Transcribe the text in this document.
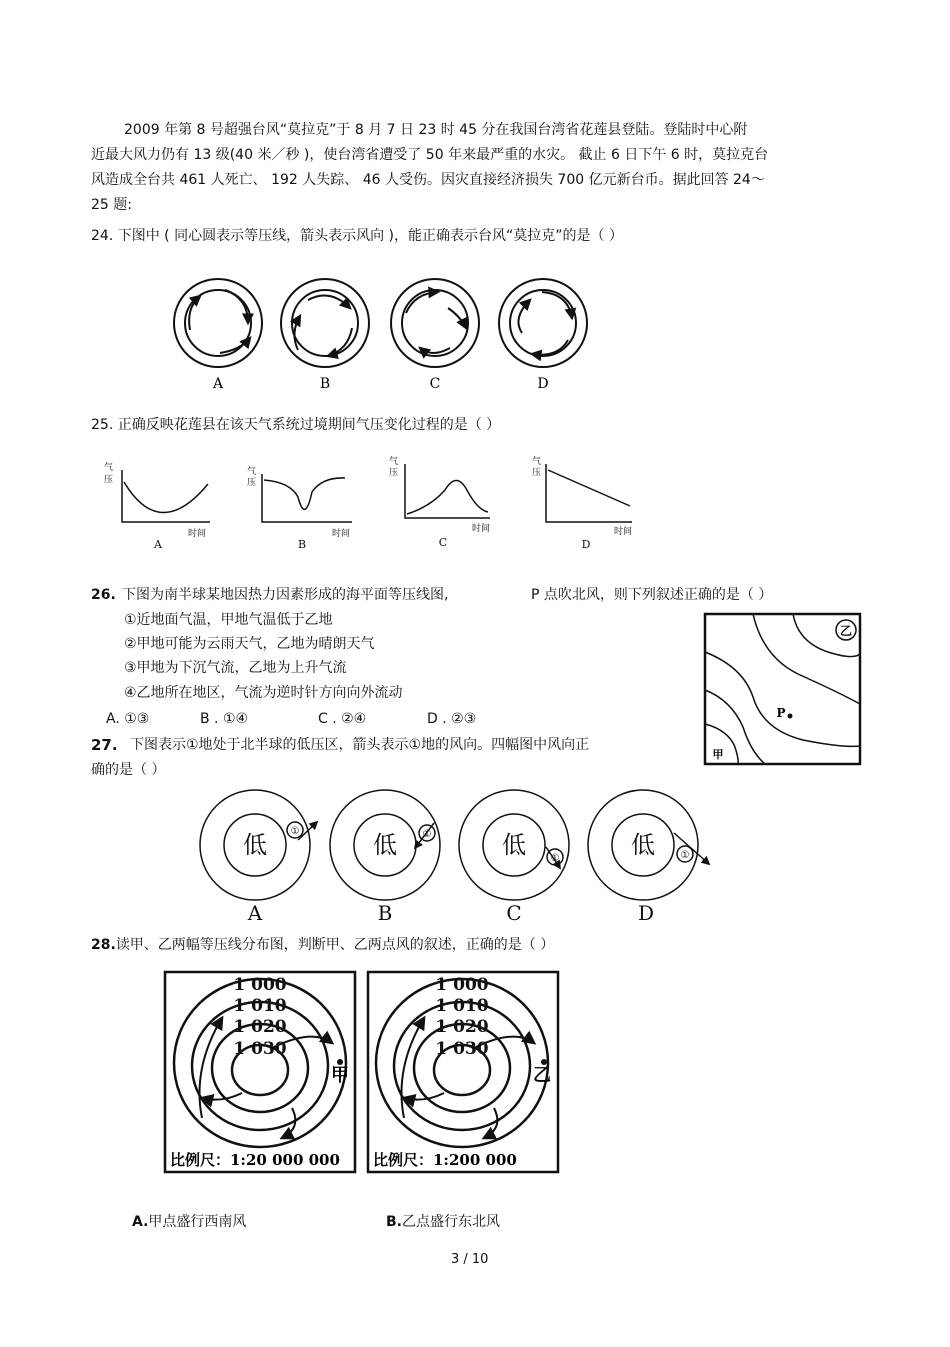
2009 年第 8 号超强台风“莫拉克”于 8 月 7 日 23 时 45 分在我国台湾省花莲县登陆。登陆时中心附
近最大风力仍有 13 级(40 米／秒 )，使台湾省遭受了 50 年来最严重的水灾。 截止 6 日下午 6 时，莫拉克台
风造成全台共 461 人死亡、 192 人失踪、 46 人受伤。因灾直接经济损失 700 亿元新台币。据此回答 24～
25 题:
24. 下图中 ( 同心圆表示等压线，箭头表示风向 )，能正确表示台风“莫拉克”的是（ ）
A	B	C	D
25. 正确反映花莲县在该天气系统过境期间气压变化过程的是（ ）
气
压
时间
气
压
时间
气
压
时间
气
压
时间
A	B	C	D
26. 下图为南半球某地因热力因素形成的海平面等压线图,	P 点吹北风，则下列叙述正确的是（ ）
①近地面气温，甲地气温低于乙地
②甲地可能为云雨天气，乙地为晴朗天气
③甲地为下沉气流，乙地为上升气流
④乙地所在地区，气流为逆时针方向向外流动
A. ①③	B . ①④	C . ②④	D . ②③
乙
P
甲
27. 下图表示①地处于北半球的低压区，箭头表示①地的风向。四幅图中风向正
确的是（ ）
低	低	低	低
①	①
①	①
A	B	C	D
28.读甲、乙两幅等压线分布图，判断甲、乙两点风的叙述，正确的是（ ）
甲
1 000
1 010
1 020
1 030
比例尺：1:20 000 000
乙
1 000
1 010
1 020
1 030
比例尺：1:200 000
A.甲点盛行西南风	B.乙点盛行东北风
3 / 10
